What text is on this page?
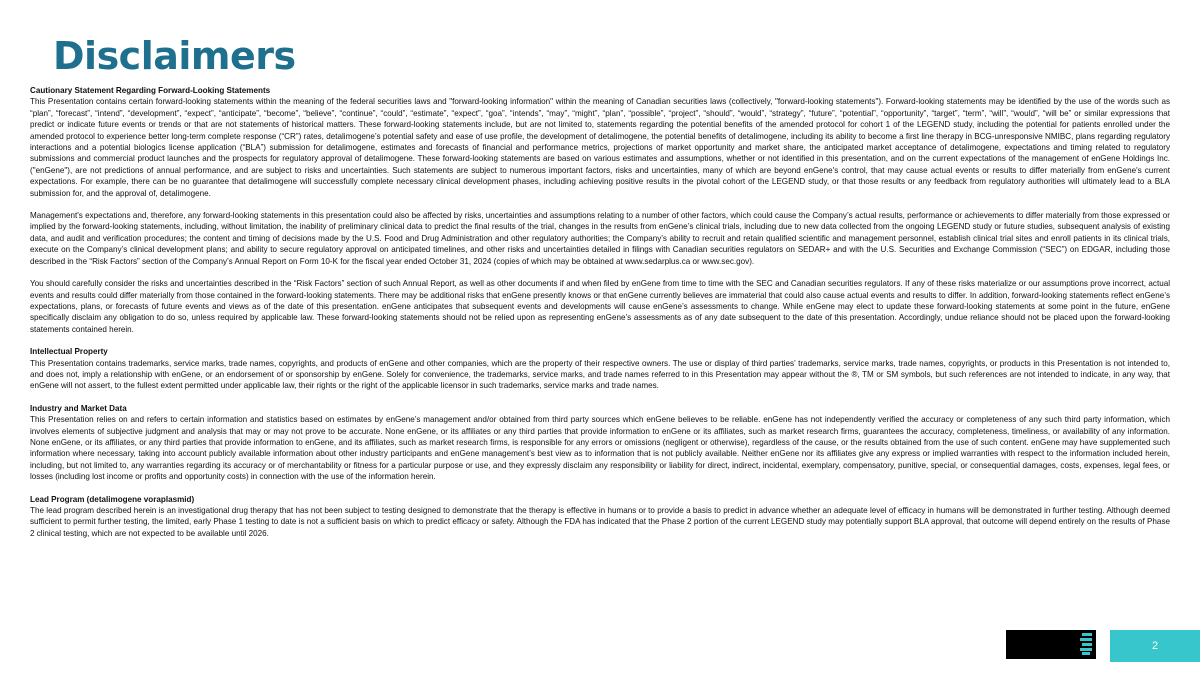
Disclaimers

Cautionary Statement Regarding Forward-Looking Statements

This Presentation contains certain forward-looking statements within the meaning of the federal securities laws and "forward-looking information" within the meaning of Canadian securities laws (collectively, "forward-looking statements"). Forward-looking statements may be identified by the use of the words such as “plan”, “forecast”, “intend”, “development”, “expect”, “anticipate”, “become”, “believe”, “continue”, “could”, “estimate”, “expect”, “goa”, “intends”, “may”, “might”, “plan”, “possible”, “project”, “should”, “would”, “strategy”, “future”, “potential”, “opportunity”, “target”, “term”, “will”, “would”, “will be” or similar expressions that predict or indicate future events or trends or that are not statements of historical matters. These forward-looking statements include, but are not limited to, statements regarding the potential benefits of the amended protocol for cohort 1 of the LEGEND study, including the potential for patients enrolled under the amended protocol to experience better long-term complete response (“CR”) rates, detalimogene’s potential safety and ease of use profile, the development of detalimogene, the potential benefits of detalimogene, including its ability to become a first line therapy in BCG-unresponsive NMIBC, plans regarding regulatory interactions and a potential biologics license application (“BLA”) submission for detalimogene, estimates and forecasts of financial and performance metrics, projections of market opportunity and market share, the anticipated market acceptance of detalimogene, expectations and timing related to regulatory submissions and commercial product launches and the prospects for regulatory approval of detalimogene. These forward-looking statements are based on various estimates and assumptions, whether or not identified in this presentation, and on the current expectations of the management of enGene Holdings Inc. ("enGene"), are not predictions of annual performance, and are subject to risks and uncertainties. Such statements are subject to numerous important factors, risks and uncertainties, many of which are beyond enGene's control, that may cause actual events or results to differ materially from enGene's current expectations. For example, there can be no guarantee that detalimogene will successfully complete necessary clinical development phases, including achieving positive results in the pivotal cohort of the LEGEND study, or that those results or any feedback from regulatory authorities will ultimately lead to a BLA submission for, and the approval of, detalimogene.

Management's expectations and, therefore, any forward-looking statements in this presentation could also be affected by risks, uncertainties and assumptions relating to a number of other factors, which could cause the Company’s actual results, performance or achievements to differ materially from those expressed or implied by the forward-looking statements, including, without limitation, the inability of preliminary clinical data to predict the final results of the trial, changes in the results from enGene’s clinical trials, including due to new data collected from the ongoing LEGEND study or future studies, subsequent analysis of existing data, and audit and verification procedures; the content and timing of decisions made by the U.S. Food and Drug Administration and other regulatory authorities; the Company’s ability to recruit and retain qualified scientific and management personnel, establish clinical trial sites and enroll patients in its clinical trials, execute on the Company’s clinical development plans; and ability to secure regulatory approval on anticipated timelines, and other risks and uncertainties detailed in filings with Canadian securities regulators on SEDAR+ and with the U.S. Securities and Exchange Commission (“SEC”) on EDGAR, including those described in the “Risk Factors” section of the Company’s Annual Report on Form 10-K for the fiscal year ended October 31, 2024 (copies of which may be obtained at www.sedarplus.ca or www.sec.gov).

You should carefully consider the risks and uncertainties described in the “Risk Factors” section of such Annual Report, as well as other documents if and when filed by enGene from time to time with the SEC and Canadian securities regulators. If any of these risks materialize or our assumptions prove incorrect, actual events and results could differ materially from those contained in the forward-looking statements. There may be additional risks that enGene presently knows or that enGene currently believes are immaterial that could also cause actual events and results to differ. In addition, forward-looking statements reflect enGene’s expectations, plans, or forecasts of future events and views as of the date of this presentation. enGene anticipates that subsequent events and developments will cause enGene’s assessments to change. While enGene may elect to update these forward-looking statements at some point in the future, enGene specifically disclaim any obligation to do so, unless required by applicable law. These forward-looking statements should not be relied upon as representing enGene’s assessments as of any date subsequent to the date of this presentation. Accordingly, undue reliance should not be placed upon the forward-looking statements contained herein.

Intellectual Property

This Presentation contains trademarks, service marks, trade names, copyrights, and products of enGene and other companies, which are the property of their respective owners. The use or display of third parties’ trademarks, service marks, trade names, copyrights, or products in this Presentation is not intended to, and does not, imply a relationship with enGene, or an endorsement of or sponsorship by enGene. Solely for convenience, the trademarks, service marks, and trade names referred to in this Presentation may appear without the ®, TM or SM symbols, but such references are not intended to indicate, in any way, that enGene will not assert, to the fullest extent permitted under applicable law, their rights or the right of the applicable licensor in such trademarks, service marks and trade names.

Industry and Market Data

This Presentation relies on and refers to certain information and statistics based on estimates by enGene’s management and/or obtained from third party sources which enGene believes to be reliable. enGene has not independently verified the accuracy or completeness of any such third party information, which involves elements of subjective judgment and analysis that may or may not prove to be accurate. None enGene, or its affiliates or any third parties that provide information to enGene or its affiliates, such as market research firms, guarantees the accuracy, completeness, timeliness, or availability of any information. None enGene, or its affiliates, or any third parties that provide information to enGene, and its affiliates, such as market research firms, is responsible for any errors or omissions (negligent or otherwise), regardless of the cause, or the results obtained from the use of such content. enGene may have supplemented such information where necessary, taking into account publicly available information about other industry participants and enGene management’s best view as to information that is not publicly available. Neither enGene nor its affiliates give any express or implied warranties with respect to the information included herein, including, but not limited to, any warranties regarding its accuracy or of merchantability or fitness for a particular purpose or use, and they expressly disclaim any responsibility or liability for direct, indirect, incidental, exemplary, compensatory, punitive, special, or consequential damages, costs, expenses, legal fees, or losses (including lost income or profits and opportunity costs) in connection with the use of the information herein.

Lead Program (detalimogene voraplasmid)

The lead program described herein is an investigational drug therapy that has not been subject to testing designed to demonstrate that the therapy is effective in humans or to provide a basis to predict in advance whether an adequate level of efficacy in humans will be demonstrated in further testing. Although deemed sufficient to permit further testing, the limited, early Phase 1 testing to date is not a sufficient basis on which to predict efficacy or safety. Although the FDA has indicated that the Phase 2 portion of the current LEGEND study may potentially support BLA approval, that outcome will depend entirely on the results of Phase 2 clinical testing, which are not expected to be available until 2026.

2
